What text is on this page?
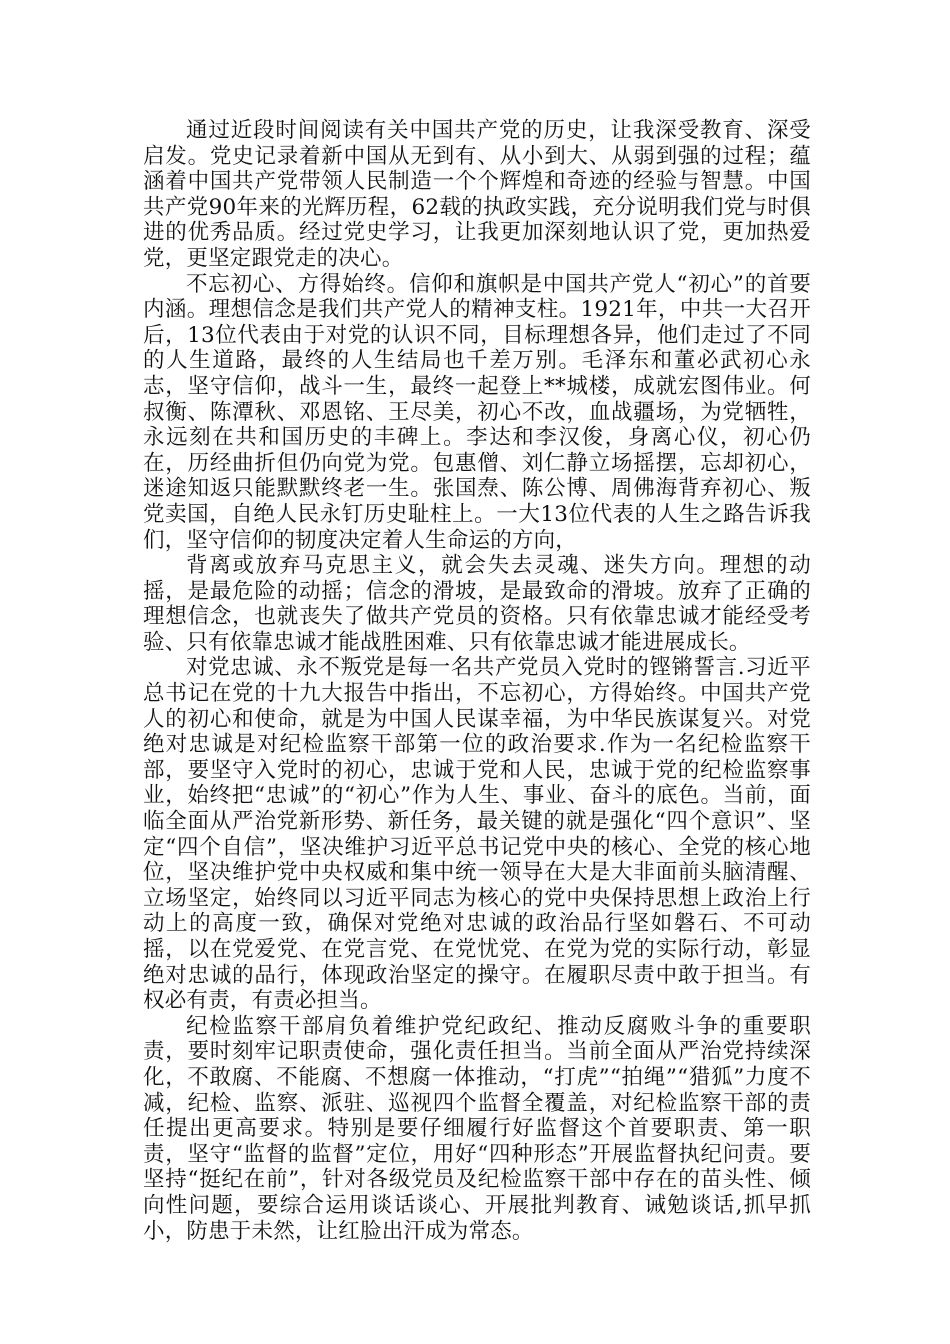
通过近段时间阅读有关中国共产党的历史，让我深受教育、深受启发。党史记录着新中国从无到有、从小到大、从弱到强的过程；蕴涵着中国共产党带领人民制造一个个辉煌和奇迹的经验与智慧。中国共产党90年来的光辉历程，62载的执政实践，充分说明我们党与时俱进的优秀品质。经过党史学习，让我更加深刻地认识了党，更加热爱党，更坚定跟党走的决心。

不忘初心、方得始终。信仰和旗帜是中国共产党人“初心”的首要内涵。理想信念是我们共产党人的精神支柱。1921年，中共一大召开后，13位代表由于对党的认识不同，目标理想各异，他们走过了不同的人生道路，最终的人生结局也千差万别。毛泽东和董必武初心永志，坚守信仰，战斗一生，最终一起登上**城楼，成就宏图伟业。何叔衡、陈潭秋、邓恩铭、王尽美，初心不改，血战疆场，为党牺牲，永远刻在共和国历史的丰碑上。李达和李汉俊，身离心仪，初心仍在，历经曲折但仍向党为党。包惠僧、刘仁静立场摇摆，忘却初心，迷途知返只能默默终老一生。张国焘、陈公博、周佛海背弃初心、叛党卖国，自绝人民永钉历史耻柱上。一大13位代表的人生之路告诉我们，坚守信仰的韧度决定着人生命运的方向，

背离或放弃马克思主义，就会失去灵魂、迷失方向。理想的动摇，是最危险的动摇；信念的滑坡，是最致命的滑坡。放弃了正确的理想信念，也就丧失了做共产党员的资格。只有依靠忠诚才能经受考验、只有依靠忠诚才能战胜困难、只有依靠忠诚才能进展成长。

对党忠诚、永不叛党是每一名共产党员入党时的铿锵誓言.习近平总书记在党的十九大报告中指出，不忘初心，方得始终。中国共产党人的初心和使命，就是为中国人民谋幸福，为中华民族谋复兴。对党绝对忠诚是对纪检监察干部第一位的政治要求.作为一名纪检监察干部，要坚守入党时的初心，忠诚于党和人民，忠诚于党的纪检监察事业，始终把“忠诚”的“初心”作为人生、事业、奋斗的底色。当前，面临全面从严治党新形势、新任务，最关键的就是强化“四个意识”、坚定“四个自信”，坚决维护习近平总书记党中央的核心、全党的核心地位，坚决维护党中央权威和集中统一领导在大是大非面前头脑清醒、立场坚定，始终同以习近平同志为核心的党中央保持思想上政治上行动上的高度一致，确保对党绝对忠诚的政治品行坚如磐石、不可动摇，以在党爱党、在党言党、在党忧党、在党为党的实际行动，彰显绝对忠诚的品行，体现政治坚定的操守。在履职尽责中敢于担当。有权必有责，有责必担当。

纪检监察干部肩负着维护党纪政纪、推动反腐败斗争的重要职责，要时刻牢记职责使命，强化责任担当。当前全面从严治党持续深化，不敢腐、不能腐、不想腐一体推动，“打虎”“拍绳”“猎狐”力度不减，纪检、监察、派驻、巡视四个监督全覆盖，对纪检监察干部的责任提出更高要求。特别是要仔细履行好监督这个首要职责、第一职责，坚守“监督的监督”定位，用好“四种形态”开展监督执纪问责。要坚持“挺纪在前”，针对各级党员及纪检监察干部中存在的苗头性、倾向性问题，要综合运用谈话谈心、开展批判教育、诫勉谈话,抓早抓小，防患于未然，让红脸出汗成为常态。
